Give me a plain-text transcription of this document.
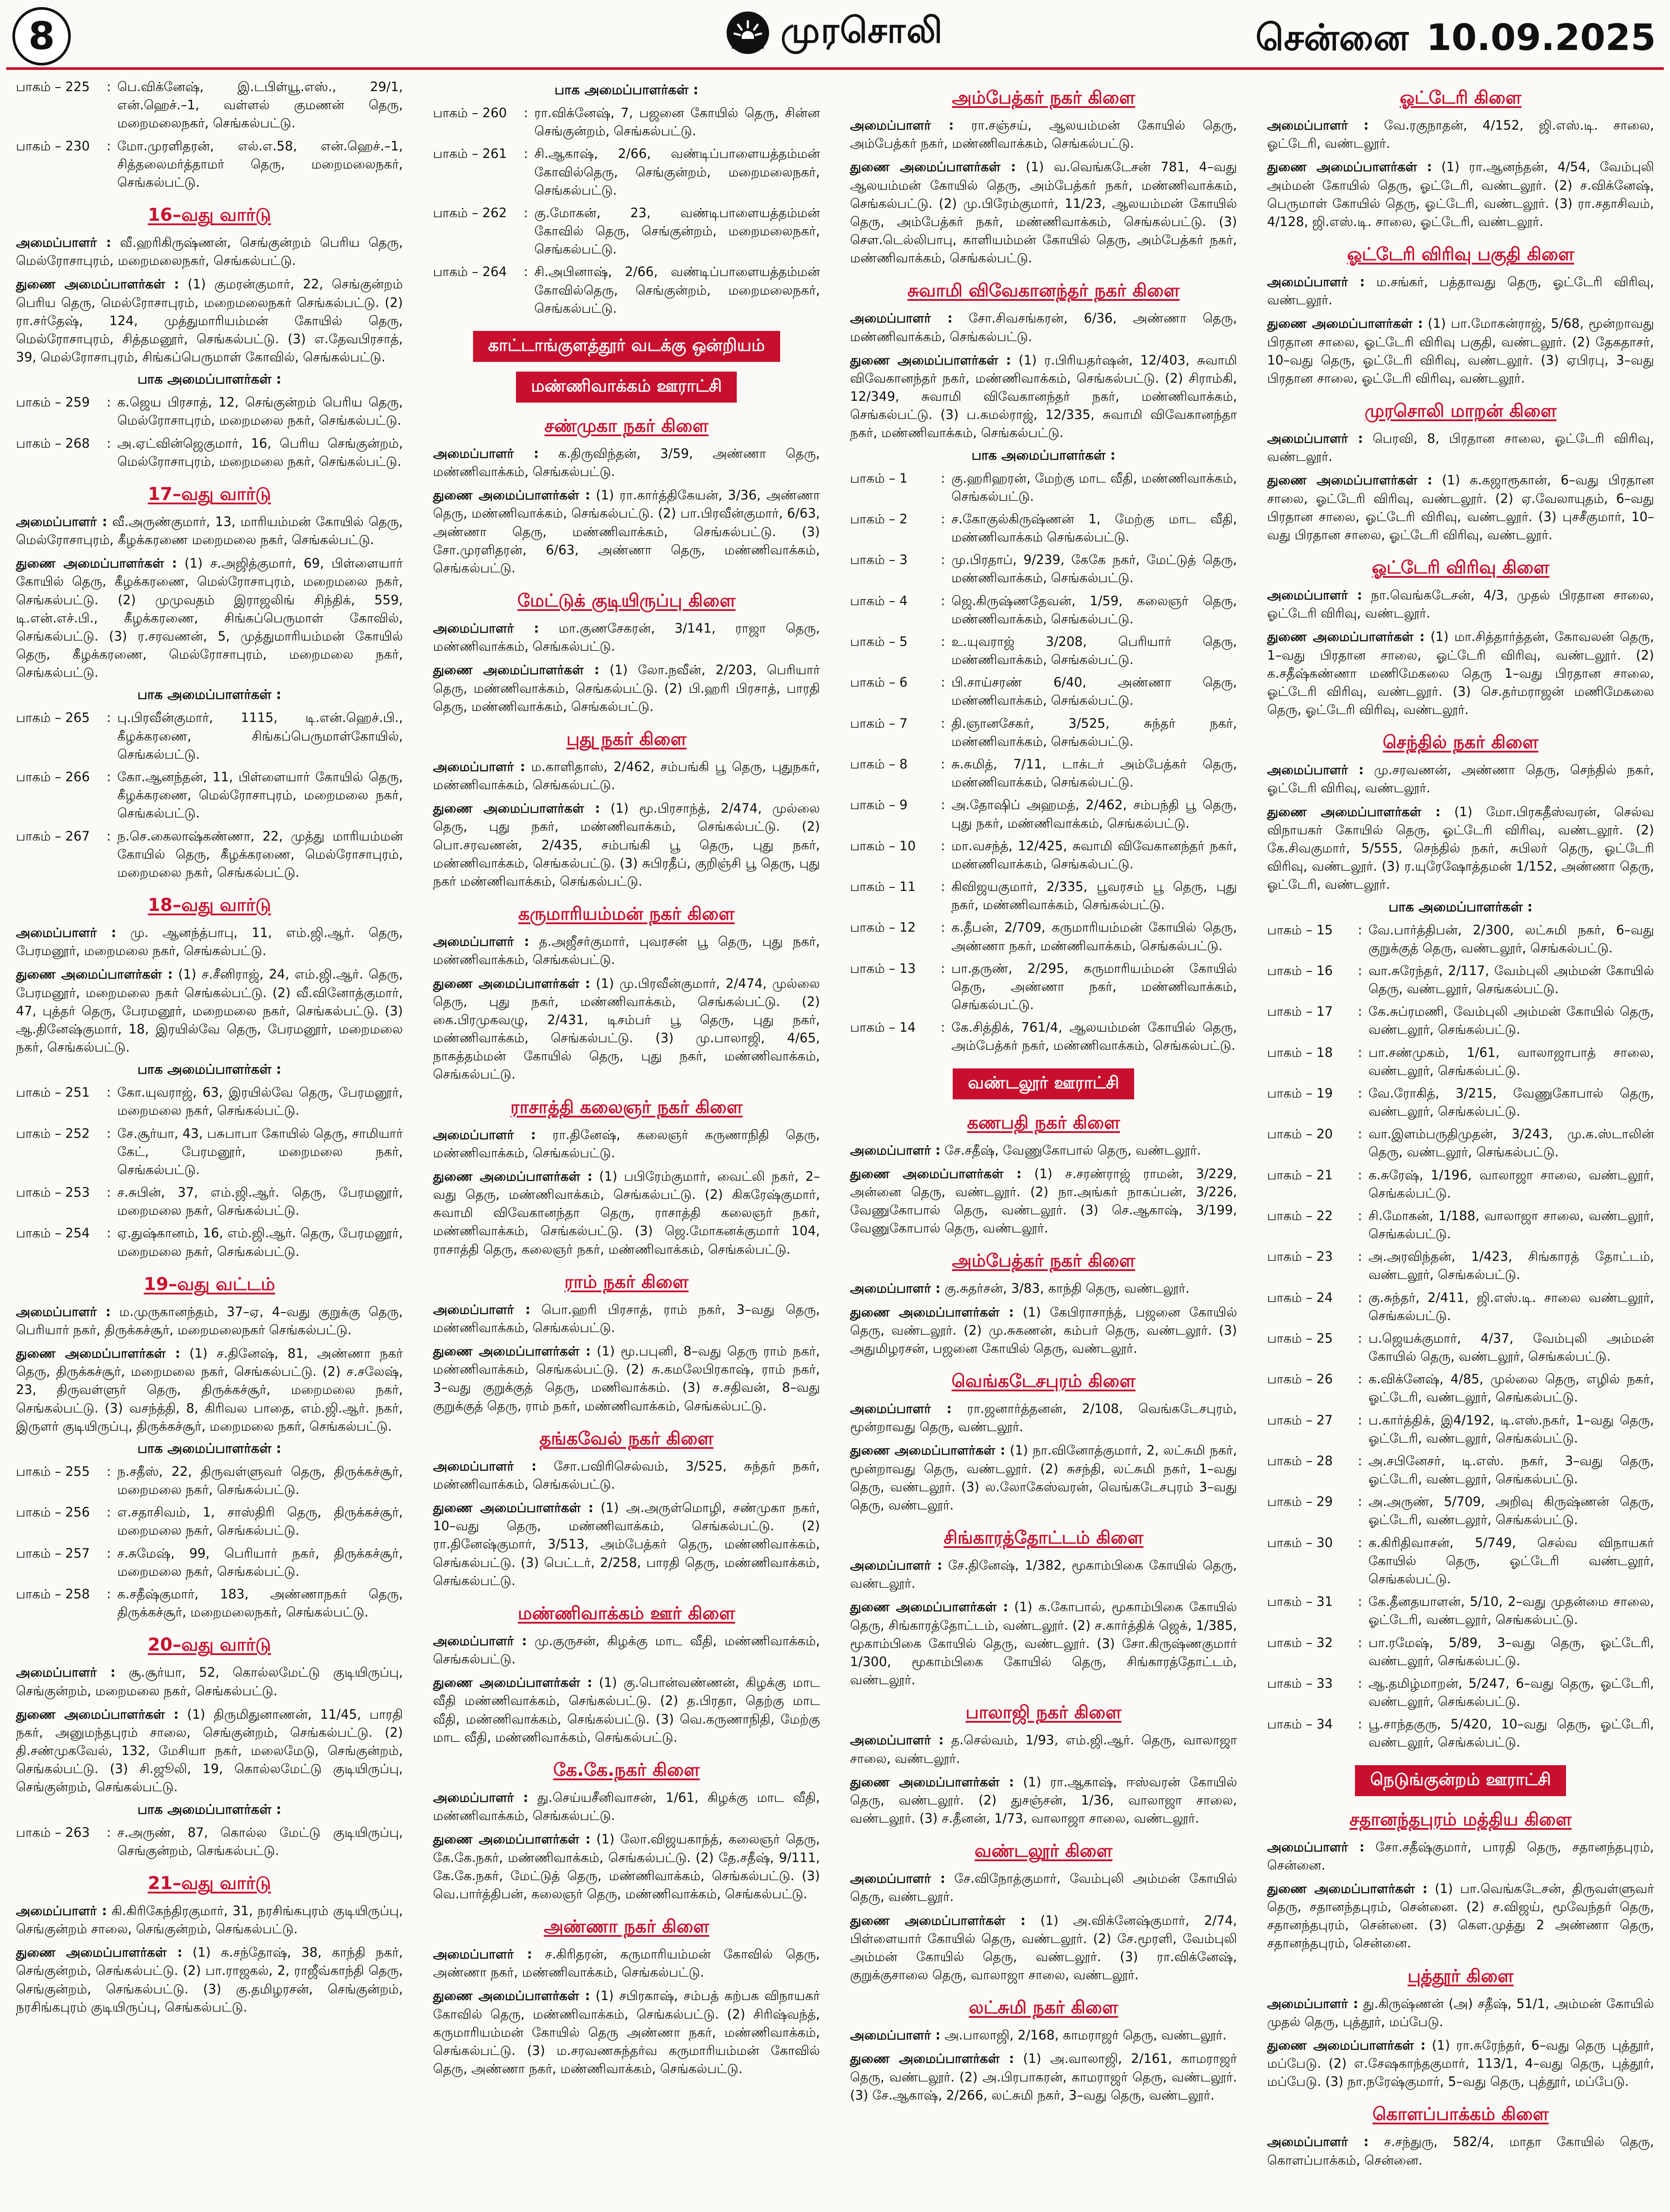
8	முரசொலி	சென்னை 10.09.2025
பாகம் – 225	: பெ.விக்னேஷ், இ.டபிள்யூ.எஸ்., 29/1, என்.ஹெச்.–1, வள்ளல் குமணன் தெரு, மறைமலைநகர், செங்கல்பட்டு.
பாகம் – 230	: மோ.முரளிதரன், எல்.எ.58, என்.ஹெச்.–1, சித்தலைமர்த்தாமர் தெரு, மறைமலைநகர், செங்கல்பட்டு.
16–வது வார்டு

அமைப்பாளர் : வீ.ஹரிகிருஷ்ணன், செங்குன்றம் பெரிய தெரு, மெல்ரோசாபுரம், மறைமலைநகர், செங்கல்பட்டு.

துணை அமைப்பாளர்கள் : (1) குமரன்குமார், 22, செங்குன்றம் பெரிய தெரு, மெல்ரோசாபுரம், மறைமலைநகர் செங்கல்பட்டு. (2) ரா.சர்தேஷ், 124, முத்துமாரியம்மன் கோயில் தெரு, மெல்ரோசாபுரம், சித்தமனூர், செங்கல்பட்டு. (3) எ.தேவபிரசாத், 39, மெல்ரோசாபுரம், சிங்கப்பெருமாள் கோவில், செங்கல்பட்டு.

பாக அமைப்பாளர்கள் :
பாகம் – 259	: க.ஜெய பிரசாத், 12, செங்குன்றம் பெரிய தெரு, மெல்ரோசாபுரம், மறைமலை நகர், செங்கல்பட்டு.
பாகம் – 268	: அ.ஏட்வின்ஜெகுமார், 16, பெரிய செங்குன்றம், மெல்ரோசாபுரம், மறைமலை நகர், செங்கல்பட்டு.
17–வது வார்டு

அமைப்பாளர் : வீ.அருண்குமார், 13, மாரியம்மன் கோயில் தெரு, மெல்ரோசாபுரம், கீழக்கரணை மறைமலை நகர், செங்கல்பட்டு.

துணை அமைப்பாளர்கள் : (1) ச.அஜித்குமார், 69, பிள்ளையார் கோயில் தெரு, கீழக்கரணை, மெல்ரோசாபுரம், மறைமலை நகர், செங்கல்பட்டு. (2) முமுவதம் இராஜலிங் சிந்திக், 559, டி.என்.எச்.பி., கீழக்கரணை, சிங்கப்பெருமாள் கோவில், செங்கல்பட்டு. (3) ர.சரவணன், 5, முத்துமாரியம்மன் கோயில் தெரு, கீழக்கரணை, மெல்ரோசாபுரம், மறைமலை நகர், செங்கல்பட்டு.

பாக அமைப்பாளர்கள் :
பாகம் – 265	: பு.பிரவீன்குமார், 1115, டி.என்.ஹெச்.பி., கீழக்கரணை, சிங்கப்பெருமாள்கோயில், செங்கல்பட்டு.
பாகம் – 266	: கோ.ஆனந்தன், 11, பிள்ளையார் கோயில் தெரு, கீழக்கரணை, மெல்ரோசாபுரம், மறைமலை நகர், செங்கல்பட்டு.
பாகம் – 267	: ந.செ.கைலாஷ்கண்ணா, 22, முத்து மாரியம்மன் கோயில் தெரு, கீழக்கரணை, மெல்ரோசாபுரம், மறைமலை நகர், செங்கல்பட்டு.
18–வது வார்டு

அமைப்பாளர் : மு. ஆனந்த்பாபு, 11, எம்.ஜி.ஆர். தெரு, பேரமனூர், மறைமலை நகர், செங்கல்பட்டு.

துணை அமைப்பாளர்கள் : (1) ச.சீனிராஜ், 24, எம்.ஜி.ஆர். தெரு, பேரமனூர், மறைமலை நகர் செங்கல்பட்டு. (2) வீ.வினோத்குமார், 47, புத்தர் தெரு, பேரமனூர், மறைமலை நகர், செங்கல்பட்டு. (3) ஆ.தினேஷ்குமார், 18, இரயில்வே தெரு, பேரமனூர், மறைமலை நகர், செங்கல்பட்டு.

பாக அமைப்பாளர்கள் :
பாகம் – 251	: கோ.யுவராஜ், 63, இரயில்வே தெரு, பேரமனூர், மறைமலை நகர், செங்கல்பட்டு.
பாகம் – 252	: சே.சூர்யா, 43, பசுபாபா கோயில் தெரு, சாமியார் கேட், பேரமனூர், மறைமலை நகர், செங்கல்பட்டு.
பாகம் – 253	: ச.சுபின், 37, எம்.ஜி.ஆர். தெரு, பேரமனூர், மறைமலை நகர், செங்கல்பட்டு.
பாகம் – 254	: ஏ.துஷ்கானம், 16, எம்.ஜி.ஆர். தெரு, பேரமனூர், மறைமலை நகர், செங்கல்பட்டு.
19–வது வட்டம்

அமைப்பாளர் : ம.முருகானந்தம், 37–ஏ, 4–வது குறுக்கு தெரு, பெரியார் நகர், திருக்கச்சூர், மறைமலைநகர் செங்கல்பட்டு.

துணை அமைப்பாளர்கள் : (1) ச.தினேஷ், 81, அண்ணா நகர் தெரு, திருக்கச்சூர், மறைமலை நகர், செங்கல்பட்டு. (2) ச.சலேஷ், 23, திருவள்ளுர் தெரு, திருக்கச்சூர், மறைமலை நகர், செங்கல்பட்டு. (3) வசந்த்தி, 8, கிரிவல பாதை, எம்.ஜி.ஆர். நகர், இருளர் குடியிருப்பு, திருக்கச்சூர், மறைமலை நகர், செங்கல்பட்டு.

பாக அமைப்பாளர்கள் :
பாகம் – 255	: ந.சதீஸ், 22, திருவள்ளுவர் தெரு, திருக்கச்சூர், மறைமலை நகர், செங்கல்பட்டு.
பாகம் – 256	: எ.சதாசிவம், 1, சாஸ்திரி தெரு, திருக்கச்சூர், மறைமலை நகர், செங்கல்பட்டு.
பாகம் – 257	: ச.சுமேஷ், 99, பெரியார் நகர், திருக்கச்சூர், மறைமலை நகர், செங்கல்பட்டு.
பாகம் – 258	: க.சதீஷ்குமார், 183, அண்ணாநகர் தெரு, திருக்கச்சூர், மறைமலைநகர், செங்கல்பட்டு.
20–வது வார்டு

அமைப்பாளர் : சூ.சூர்யா, 52, கொல்லமேட்டு குடியிருப்பு, செங்குன்றம், மறைமலை நகர், செங்கல்பட்டு.

துணை அமைப்பாளர்கள் : (1) திருமிதுனாணன், 11/45, பாரதி நகர், அனுமந்தபுரம் சாலை, செங்குன்றம், செங்கல்பட்டு. (2) தி.சண்முகவேல், 132, மேசியா நகர், மலைமேடு, செங்குன்றம், செங்கல்பட்டு. (3) சி.ஜூலி, 19, கொல்லமேட்டு குடியிருப்பு, செங்குன்றம், செங்கல்பட்டு.

பாக அமைப்பாளர்கள் :
பாகம் – 263	: ச.அருண், 87, கொல்ல மேட்டு குடியிருப்பு, செங்குன்றம், செங்கல்பட்டு.
21–வது வார்டு

அமைப்பாளர் : கி.கிரிகேந்திரகுமார், 31, நரசிங்கபுரம் குடியிருப்பு, செங்குன்றம் சாலை, செங்குன்றம், செங்கல்பட்டு.

துணை அமைப்பாளர்கள் : (1) க.சந்தோஷ், 38, காந்தி நகர், செங்குன்றம், செங்கல்பட்டு. (2) பா.ராஜகல், 2, ராஜீவ்காந்தி தெரு, செங்குன்றம், செங்கல்பட்டு. (3) கு.தமிழரசன், செங்குன்றம், நரசிங்கபுரம் குடியிருப்பு, செங்கல்பட்டு.

பாக அமைப்பாளர்கள் :
பாகம் – 260	: ரா.விக்னேஷ், 7, பஜனை கோயில் தெரு, சின்ன செங்குன்றம், செங்கல்பட்டு.
பாகம் – 261	: சி.ஆகாஷ், 2/66, வண்டிப்பாளையத்தம்மன் கோவில்தெரு, செங்குன்றம், மறைமலைநகர், செங்கல்பட்டு.
பாகம் – 262	: கு.மோகன், 23, வண்டிபாளையத்தம்மன் கோவில் தெரு, செங்குன்றம், மறைமலைநகர், செங்கல்பட்டு.
பாகம் – 264	: சி.அபினாஷ், 2/66, வண்டிப்பாளையத்தம்மன் கோவில்தெரு, செங்குன்றம், மறைமலைநகர், செங்கல்பட்டு.
காட்டாங்குளத்தூர் வடக்கு ஒன்றியம்
மண்ணிவாக்கம் ஊராட்சி
சண்முகா நகர் கிளை

அமைப்பாளர் : க.திருவிந்தன், 3/59, அண்ணா தெரு, மண்ணிவாக்கம், செங்கல்பட்டு.

துணை அமைப்பாளர்கள் : (1) ரா.கார்த்திகேயன், 3/36, அண்ணா தெரு, மண்ணிவாக்கம், செங்கல்பட்டு. (2) பா.பிரவீன்குமார், 6/63, அண்ணா தெரு, மண்ணிவாக்கம், செங்கல்பட்டு. (3) சோ.முரளிதரன், 6/63, அண்ணா தெரு, மண்ணிவாக்கம், செங்கல்பட்டு.

மேட்டுக் குடியிருப்பு கிளை

அமைப்பாளர் : மா.குணசேகரன், 3/141, ராஜா தெரு, மண்ணிவாக்கம், செங்கல்பட்டு.

துணை அமைப்பாளர்கள் : (1) லோ.நவீன், 2/203, பெரியார் தெரு, மண்ணிவாக்கம், செங்கல்பட்டு. (2) பி.ஹரி பிரசாத், பாரதி தெரு, மண்ணிவாக்கம், செங்கல்பட்டு.

புது நகர் கிளை

அமைப்பாளர் : ம.காளிதாஸ், 2/462, சம்பங்கி பூ தெரு, புதுநகர், மண்ணிவாக்கம், செங்கல்பட்டு.

துணை அமைப்பாளர்கள் : (1) மூ.பிரசாந்த், 2/474, முல்லை தெரு, புது நகர், மண்ணிவாக்கம், செங்கல்பட்டு. (2) பொ.சரவணன், 2/435, சம்பங்கி பூ தெரு, புது நகர், மண்ணிவாக்கம், செங்கல்பட்டு. (3) சுபிரதீப், குறிஞ்சி பூ தெரு, புது நகர் மண்ணிவாக்கம், செங்கல்பட்டு.

கருமாரியம்மன் நகர் கிளை

அமைப்பாளர் : த.அஜீசர்குமார், புவரசன் பூ தெரு, புது நகர், மண்ணிவாக்கம், செங்கல்பட்டு.

துணை அமைப்பாளர்கள் : (1) மு.பிரவீன்குமார், 2/474, முல்லை தெரு, புது நகர், மண்ணிவாக்கம், செங்கல்பட்டு. (2) கை.பிரமுகவழு, 2/431, டிசம்பர் பூ தெரு, புது நகர், மண்ணிவாக்கம், செங்கல்பட்டு. (3) மு.பாலாஜி, 4/65, நாகத்தம்மன் கோயில் தெரு, புது நகர், மண்ணிவாக்கம், செங்கல்பட்டு.

ராசாத்தி கலைஞர் நகர் கிளை

அமைப்பாளர் : ரா.தினேஷ், கலைஞர் கருணாநிதி தெரு, மண்ணிவாக்கம், செங்கல்பட்டு.

துணை அமைப்பாளர்கள் : (1) பபிரேம்குமார், வைட்லி நகர், 2–வது தெரு, மண்ணிவாக்கம், செங்கல்பட்டு. (2) கிகரேஷ்குமார், சுவாமி விவேகானந்தா தெரு, ராசாத்தி கலைஞர் நகர், மண்ணிவாக்கம், செங்கல்பட்டு. (3) ஜெ.மோகனக்குமார் 104, ராசாத்தி தெரு, கலைஞர் நகர், மண்ணிவாக்கம், செங்கல்பட்டு.

ராம் நகர் கிளை

அமைப்பாளர் : பொ.ஹரி பிரசாத், ராம் நகர், 3–வது தெரு, மண்ணிவாக்கம், செங்கல்பட்டு.

துணை அமைப்பாளர்கள் : (1) மூ.பபுனி, 8–வது தெரு ராம் நகர், மண்ணிவாக்கம், செங்கல்பட்டு. (2) சு.கமலேபிரகாஷ், ராம் நகர், 3–வது குறுக்குத் தெரு, மணிவாக்கம். (3) ச.சதிவன், 8–வது குறுக்குத் தெரு, ராம் நகர், மண்ணிவாக்கம், செங்கல்பட்டு.

தங்கவேல் நகர் கிளை

அமைப்பாளர் : சோ.பவிரிசெல்வம், 3/525, சுந்தர் நகர், மண்ணிவாக்கம், செங்கல்பட்டு.

துணை அமைப்பாளர்கள் : (1) அ.அருள்மொழி, சண்முகா நகர், 10–வது தெரு, மண்ணிவாக்கம், செங்கல்பட்டு. (2) ரா.தினேஷ்குமார், 3/513, அம்பேத்கர் தெரு, மண்ணிவாக்கம், செங்கல்பட்டு. (3) பெட்டர், 2/258, பாரதி தெரு, மண்ணிவாக்கம், செங்கல்பட்டு.

மண்ணிவாக்கம் ஊர் கிளை

அமைப்பாளர் : மு.குருசன், கிழக்கு மாட வீதி, மண்ணிவாக்கம், செங்கல்பட்டு.

துணை அமைப்பாளர்கள் : (1) கு.பொன்வண்ணன், கிழக்கு மாட வீதி மண்ணிவாக்கம், செங்கல்பட்டு. (2) த.பிரதா, தெற்கு மாட வீதி, மண்ணிவாக்கம், செங்கல்பட்டு. (3) வெ.கருணாநிதி, மேற்கு மாட வீதி, மண்ணிவாக்கம், செங்கல்பட்டு.

கே.கே.நகர் கிளை

அமைப்பாளர் : து.செய்யசீனிவாசன், 1/61, கிழக்கு மாட வீதி, மண்ணிவாக்கம், செங்கல்பட்டு.

துணை அமைப்பாளர்கள் : (1) லோ.விஜயகாந்த், கலைஞர் தெரு, கே.கே.நகர், மண்ணிவாக்கம், செங்கல்பட்டு. (2) தே.சதீஷ், 9/111, கே.கே.நகர், மேட்டுத் தெரு, மண்ணிவாக்கம், செங்கல்பட்டு. (3) வெ.பார்த்திபன், கலைஞர் தெரு, மண்ணிவாக்கம், செங்கல்பட்டு.

அண்ணா நகர் கிளை

அமைப்பாளர் : ச.கிரிதரன், கருமாரியம்மன் கோவில் தெரு, அண்ணா நகர், மண்ணிவாக்கம், செங்கல்பட்டு.

துணை அமைப்பாளர்கள் : (1) சபிரகாஷ், சம்பத் கற்பக விநாயகர் கோவில் தெரு, மண்ணிவாக்கம், செங்கல்பட்டு. (2) சிரிஷ்வந்த், கருமாரியம்மன் கோயில் தெரு அண்ணா நகர், மண்ணிவாக்கம், செங்கல்பட்டு. (3) ம.சரவணசுந்தர்வ கருமாரியம்மன் கோவில் தெரு, அண்ணா நகர், மண்ணிவாக்கம், செங்கல்பட்டு.

அம்பேத்கர் நகர் கிளை

அமைப்பாளர் : ரா.சஞ்சய், ஆலயம்மன் கோயில் தெரு, அம்பேத்கர் நகர், மண்ணிவாக்கம், செங்கல்பட்டு.

துணை அமைப்பாளர்கள் : (1) வ.வெங்கடேசன் 781, 4–வது ஆலயம்மன் கோயில் தெரு, அம்பேத்கர் நகர், மண்ணிவாக்கம், செங்கல்பட்டு. (2) மு.பிரேம்குமார், 11/23, ஆலயம்மன் கோயில் தெரு, அம்பேத்கர் நகர், மண்ணிவாக்கம், செங்கல்பட்டு. (3) சௌ.டெல்லிபாபு, காளியம்மன் கோயில் தெரு, அம்பேத்கர் நகர், மண்ணிவாக்கம், செங்கல்பட்டு.

சுவாமி விவேகானந்தர் நகர் கிளை

அமைப்பாளர் : சோ.சிவசங்கரன், 6/36, அண்ணா தெரு, மண்ணிவாக்கம், செங்கல்பட்டு.

துணை அமைப்பாளர்கள் : (1) ர.பிரியதர்ஷன், 12/403, சுவாமி விவேகானந்தர் நகர், மண்ணிவாக்கம், செங்கல்பட்டு. (2) சிராம்கி, 12/349, சுவாமி விவேகானந்தர் நகர், மண்ணிவாக்கம், செங்கல்பட்டு. (3) ப.கமல்ராஜ், 12/335, சுவாமி விவேகானந்தா நகர், மண்ணிவாக்கம், செங்கல்பட்டு.

பாக அமைப்பாளர்கள் :
பாகம் – 1	: கு.ஹரிஹரன், மேற்கு மாட வீதி, மண்ணிவாக்கம், செங்கல்பட்டு.
பாகம் – 2	: ச.கோகுல்கிருஷ்ணன் 1, மேற்கு மாட வீதி, மண்ணிவாக்கம் செங்கல்பட்டு.
பாகம் – 3	: மு.பிரதாப், 9/239, கேகே நகர், மேட்டுத் தெரு, மண்ணிவாக்கம், செங்கல்பட்டு.
பாகம் – 4	: ஜெ.கிருஷ்ணதேவன், 1/59, கலைஞர் தெரு, மண்ணிவாக்கம், செங்கல்பட்டு.
பாகம் – 5	: உ.யுவராஜ் 3/208, பெரியார் தெரு, மண்ணிவாக்கம், செங்கல்பட்டு.
பாகம் – 6	: பி.சாய்சரண் 6/40, அண்ணா தெரு, மண்ணிவாக்கம், செங்கல்பட்டு.
பாகம் – 7	: தி.ஞானசேகர், 3/525, சுந்தர் நகர், மண்ணிவாக்கம், செங்கல்பட்டு.
பாகம் – 8	: சு.சுமித், 7/11, டாக்டர் அம்பேத்கர் தெரு, மண்ணிவாக்கம், செங்கல்பட்டு.
பாகம் – 9	: அ.தோஷிப் அஹமத், 2/462, சம்பந்தி பூ தெரு, புது நகர், மண்ணிவாக்கம், செங்கல்பட்டு.
பாகம் – 10	: மா.வசந்த், 12/425, சுவாமி விவேகானந்தர் நகர், மண்ணிவாக்கம், செங்கல்பட்டு.
பாகம் – 11	: கிவிஜயகுமார், 2/335, பூவரசம் பூ தெரு, புது நகர், மண்ணிவாக்கம், செங்கல்பட்டு.
பாகம் – 12	: க.தீபன், 2/709, கருமாரியம்மன் கோயில் தெரு, அண்ணா நகர், மண்ணிவாக்கம், செங்கல்பட்டு.
பாகம் – 13	: பா.தருண், 2/295, கருமாரியம்மன் கோயில் தெரு, அண்ணா நகர், மண்ணிவாக்கம், செங்கல்பட்டு.
பாகம் – 14	: கே.சித்திக், 761/4, ஆலயம்மன் கோயில் தெரு, அம்பேத்கர் நகர், மண்ணிவாக்கம், செங்கல்பட்டு.
வண்டலூர் ஊராட்சி
கணபதி நகர் கிளை

அமைப்பாளர் : சே.சதீஷ், வேணுகோபால் தெரு, வண்டலூர்.

துணை அமைப்பாளர்கள் : (1) ச.சரண்ராஜ் ராமன், 3/229, அன்னை தெரு, வண்டலூர். (2) நா.அங்கர் நாகப்பன், 3/226, வேணுகோபால் தெரு, வண்டலூர். (3) செ.ஆகாஷ், 3/199, வேணுகோபால் தெரு, வண்டலூர்.

அம்பேத்கர் நகர் கிளை

அமைப்பாளர் : கு.சுதர்சன், 3/83, காந்தி தெரு, வண்டலூர்.

துணை அமைப்பாளர்கள் : (1) கேபிராசாந்த், பஜனை கோயில் தெரு, வண்டலூர். (2) மு.சுகணன், கம்பர் தெரு, வண்டலூர். (3) அதுமிழரசன், பஜனை கோயில் தெரு, வண்டலூர்.

வெங்கடேசபுரம் கிளை

அமைப்பாளர் : ரா.ஜனார்த்தனன், 2/108, வெங்கடேசபுரம், மூன்றாவது தெரு, வண்டலூர்.

துணை அமைப்பாளர்கள் : (1) நா.வினோத்குமார், 2, லட்சுமி நகர், மூன்றாவது தெரு, வண்டலூர். (2) சுசந்தி, லட்சுமி நகர், 1–வது தெரு, வண்டலூர். (3) ல.லோகேஸ்வரன், வெங்கடேசபுரம் 3–வது தெரு, வண்டலூர்.

சிங்காரத்தோட்டம் கிளை

அமைப்பாளர் : சே.தினேஷ், 1/382, மூகாம்பிகை கோயில் தெரு, வண்டலூர்.

துணை அமைப்பாளர்கள் : (1) க.கோபால், மூகாம்பிகை கோயில் தெரு, சிங்காரத்தோட்டம், வண்டலூர். (2) ச.கார்த்திக் ஜெக், 1/385, மூகாம்பிகை கோயில் தெரு, வண்டலூர். (3) சோ.கிருஷ்ணகுமார் 1/300, மூகாம்பிகை கோயில் தெரு, சிங்காரத்தோட்டம், வண்டலூர்.

பாலாஜி நகர் கிளை

அமைப்பாளர் : த.செல்வம், 1/93, எம்.ஜி.ஆர். தெரு, வாலாஜா சாலை, வண்டலூர்.

துணை அமைப்பாளர்கள் : (1) ரா.ஆகாஷ், ஈஸ்வரன் கோயில் தெரு, வண்டலூர். (2) துசஞ்சன், 1/36, வாலாஜா சாலை, வண்டலூர். (3) ச.தீனன், 1/73, வாலாஜா சாலை, வண்டலூர்.

வண்டலூர் கிளை

அமைப்பாளர் : சே.விநோத்குமார், வேம்புலி அம்மன் கோயில் தெரு, வண்டலூர்.

துணை அமைப்பாளர்கள் : (1) அ.விக்னேஷ்குமார், 2/74, பிள்ளையார் கோயில் தெரு, வண்டலூர். (2) சே.மூரளி, வேம்புலி அம்மன் கோயில் தெரு, வண்டலூர். (3) ரா.விக்னேஷ், குறுக்குசாலை தெரு, வாலாஜா சாலை, வண்டலூர்.

லட்சுமி நகர் கிளை

அமைப்பாளர் : அ.பாலாஜி, 2/168, காமராஜர் தெரு, வண்டலூர்.

துணை அமைப்பாளர்கள் : (1) அ.வாலாஜி, 2/161, காமராஜர் தெரு, வண்டலூர். (2) அ.பிரபாகரன், காமராஜர் தெரு, வண்டலூர். (3) சே.ஆகாஷ், 2/266, லட்சுமி நகர், 3–வது தெரு, வண்டலூர்.

ஓட்டேரி கிளை

அமைப்பாளர் : வே.ரகுநாதன், 4/152, ஜி.எஸ்.டி. சாலை, ஓட்டேரி, வண்டலூர்.

துணை அமைப்பாளர்கள் : (1) ரா.ஆனந்தன், 4/54, வேம்புலி அம்மன் கோயில் தெரு, ஓட்டேரி, வண்டலூர். (2) ச.விக்னேஷ், பெருமாள் கோயில் தெரு, ஓட்டேரி, வண்டலூர். (3) ரா.சதாசிவம், 4/128, ஜி.எஸ்.டி. சாலை, ஓட்டேரி, வண்டலூர்.

ஓட்டேரி விரிவு பகுதி கிளை

அமைப்பாளர் : ம.சங்கர், பத்தாவது தெரு, ஓட்டேரி விரிவு, வண்டலூர்.

துணை அமைப்பாளர்கள் : (1) பா.மோகன்ராஜ், 5/68, மூன்றாவது பிரதான சாலை, ஓட்டேரி விரிவு பகுதி, வண்டலூர். (2) தேகதாசர், 10–வது தெரு, ஓட்டேரி விரிவு, வண்டலூர். (3) ஏபிரபு, 3–வது பிரதான சாலை, ஓட்டேரி விரிவு, வண்டலூர்.

முரசொலி மாறன் கிளை

அமைப்பாளர் : பெரவி, 8, பிரதான சாலை, ஓட்டேரி விரிவு, வண்டலூர்.

துணை அமைப்பாளர்கள் : (1) க.கஜாரூகான், 6–வது பிரதான சாலை, ஓட்டேரி விரிவு, வண்டலூர். (2) ஏ.வேலாயுதம், 6–வது பிரதான சாலை, ஓட்டேரி விரிவு, வண்டலூர். (3) புசசீகுமார், 10–வது பிரதான சாலை, ஓட்டேரி விரிவு, வண்டலூர்.

ஓட்டேரி விரிவு கிளை

அமைப்பாளர் : நா.வெங்கடேசன், 4/3, முதல் பிரதான சாலை, ஓட்டேரி விரிவு, வண்டலூர்.

துணை அமைப்பாளர்கள் : (1) மா.சித்தார்த்தன், கோவலன் தெரு, 1–வது பிரதான சாலை, ஓட்டேரி விரிவு, வண்டலூர். (2) க.சதீஷ்கண்ணா மணிமேகலை தெரு 1–வது பிரதான சாலை, ஓட்டேரி விரிவு, வண்டலூர். (3) செ.தர்மராஜன் மணிமேகலை தெரு, ஓட்டேரி விரிவு, வண்டலூர்.

செந்தில் நகர் கிளை

அமைப்பாளர் : மு.சரவணன், அண்ணா தெரு, செந்தில் நகர், ஓட்டேரி விரிவு, வண்டலூர்.

துணை அமைப்பாளர்கள் : (1) மோ.பிரகதீஸ்வரன், செல்வ விநாயகர் கோயில் தெரு, ஓட்டேரி விரிவு, வண்டலூர். (2) கே.சிவகுமார், 5/555, செந்தில் நகர், சுபிலர் தெரு, ஓட்டேரி விரிவு, வண்டலூர். (3) ர.யுரேஷோத்தமன் 1/152, அண்ணா தெரு, ஓட்டேரி, வண்டலூர்.

பாக அமைப்பாளர்கள் :
பாகம் – 15	: வே.பார்த்திபன், 2/300, லட்சுமி நகர், 6–வது குறுக்குத் தெரு, வண்டலூர், செங்கல்பட்டு.
பாகம் – 16	: வா.சுரேந்தர், 2/117, வேம்புலி அம்மன் கோயில் தெரு, வண்டலூர், செங்கல்பட்டு.
பாகம் – 17	: கே.சுப்ரமணி, வேம்புலி அம்மன் கோயில் தெரு, வண்டலூர், செங்கல்பட்டு.
பாகம் – 18	: பா.சண்முகம், 1/61, வாலாஜாபாத் சாலை, வண்டலூர், செங்கல்பட்டு.
பாகம் – 19	: வே.ரோகித், 3/215, வேணுகோபால் தெரு, வண்டலூர், செங்கல்பட்டு.
பாகம் – 20	: வா.இளம்பருதிமுதன், 3/243, மு.க.ஸ்டாலின் தெரு, வண்டலூர், செங்கல்பட்டு.
பாகம் – 21	: க.சுரேஷ், 1/196, வாலாஜா சாலை, வண்டலூர், செங்கல்பட்டு.
பாகம் – 22	: சி.மோகன், 1/188, வாலாஜா சாலை, வண்டலூர், செங்கல்பட்டு.
பாகம் – 23	: அ.அரவிந்தன், 1/423, சிங்காரத் தோட்டம், வண்டலூர், செங்கல்பட்டு.
பாகம் – 24	: கு.சுந்தர், 2/411, ஜி.எஸ்.டி. சாலை வண்டலூர், செங்கல்பட்டு.
பாகம் – 25	: ப.ஜெயக்குமார், 4/37, வேம்புலி அம்மன் கோயில் தெரு, வண்டலூர், செங்கல்பட்டு.
பாகம் – 26	: க.விக்னேஷ், 4/85, முல்லை தெரு, எழில் நகர், ஓட்டேரி, வண்டலூர், செங்கல்பட்டு.
பாகம் – 27	: ப.கார்த்திக், இ4/192, டி.எஸ்.நகர், 1–வது தெரு, ஓட்டேரி, வண்டலூர், செங்கல்பட்டு.
பாகம் – 28	: அ.சபினேசர், டி.எஸ். நகர், 3–வது தெரு, ஓட்டேரி, வண்டலூர், செங்கல்பட்டு.
பாகம் – 29	: அ.அருண், 5/709, அறிவு கிருஷ்ணன் தெரு, ஓட்டேரி, வண்டலூர், செங்கல்பட்டு.
பாகம் – 30	: க.கிரிதிவாசன், 5/749, செல்வ விநாயகர் கோயில் தெரு, ஓட்டேரி வண்டலூர், செங்கல்பட்டு.
பாகம் – 31	: கே.தீனதயாளன், 5/10, 2–வது முதன்மை சாலை, ஓட்டேரி, வண்டலூர், செங்கல்பட்டு.
பாகம் – 32	: பா.ரமேஷ், 5/89, 3–வது தெரு, ஓட்டேரி, வண்டலூர், செங்கல்பட்டு.
பாகம் – 33	: ஆ.தமிழ்மாறன், 5/247, 6–வது தெரு, ஓட்டேரி, வண்டலூர், செங்கல்பட்டு.
பாகம் – 34	: பூ.சாந்தகுரு, 5/420, 10–வது தெரு, ஓட்டேரி, வண்டலூர், செங்கல்பட்டு.
நெடுங்குன்றம் ஊராட்சி
சதானந்தபுரம் மத்திய கிளை

அமைப்பாளர் : சோ.சதீஷ்குமார், பாரதி தெரு, சதானந்தபுரம், சென்னை.

துணை அமைப்பாளர்கள் : (1) பா.வெங்கடேசன், திருவள்ளுவர் தெரு, சதானந்தபுரம், சென்னை. (2) ச.விஜய், மூவேந்தர் தெரு, சதானந்தபுரம், சென்னை. (3) கௌ.முத்து 2 அண்ணா தெரு, சதானந்தபுரம், சென்னை.

புத்தூர் கிளை

அமைப்பாளர் : து.கிருஷ்ணன் (அ) சதீஷ், 51/1, அம்மன் கோயில் முதல் தெரு, புத்தூர், மப்பேடு.

துணை அமைப்பாளர்கள் : (1) ரா.சுரேந்தர், 6–வது தெரு புத்தூர், மப்பேடு. (2) எ.சேஷகாந்தகுமார், 113/1, 4–வது தெரு, புத்தூர், மப்பேடு. (3) நா.நரேஷ்குமார், 5–வது தெரு, புத்தூர், மப்பேடு.

கொளப்பாக்கம் கிளை

அமைப்பாளர் : ச.சந்துரு, 582/4, மாதா கோயில் தெரு, கொளப்பாக்கம், சென்னை.
